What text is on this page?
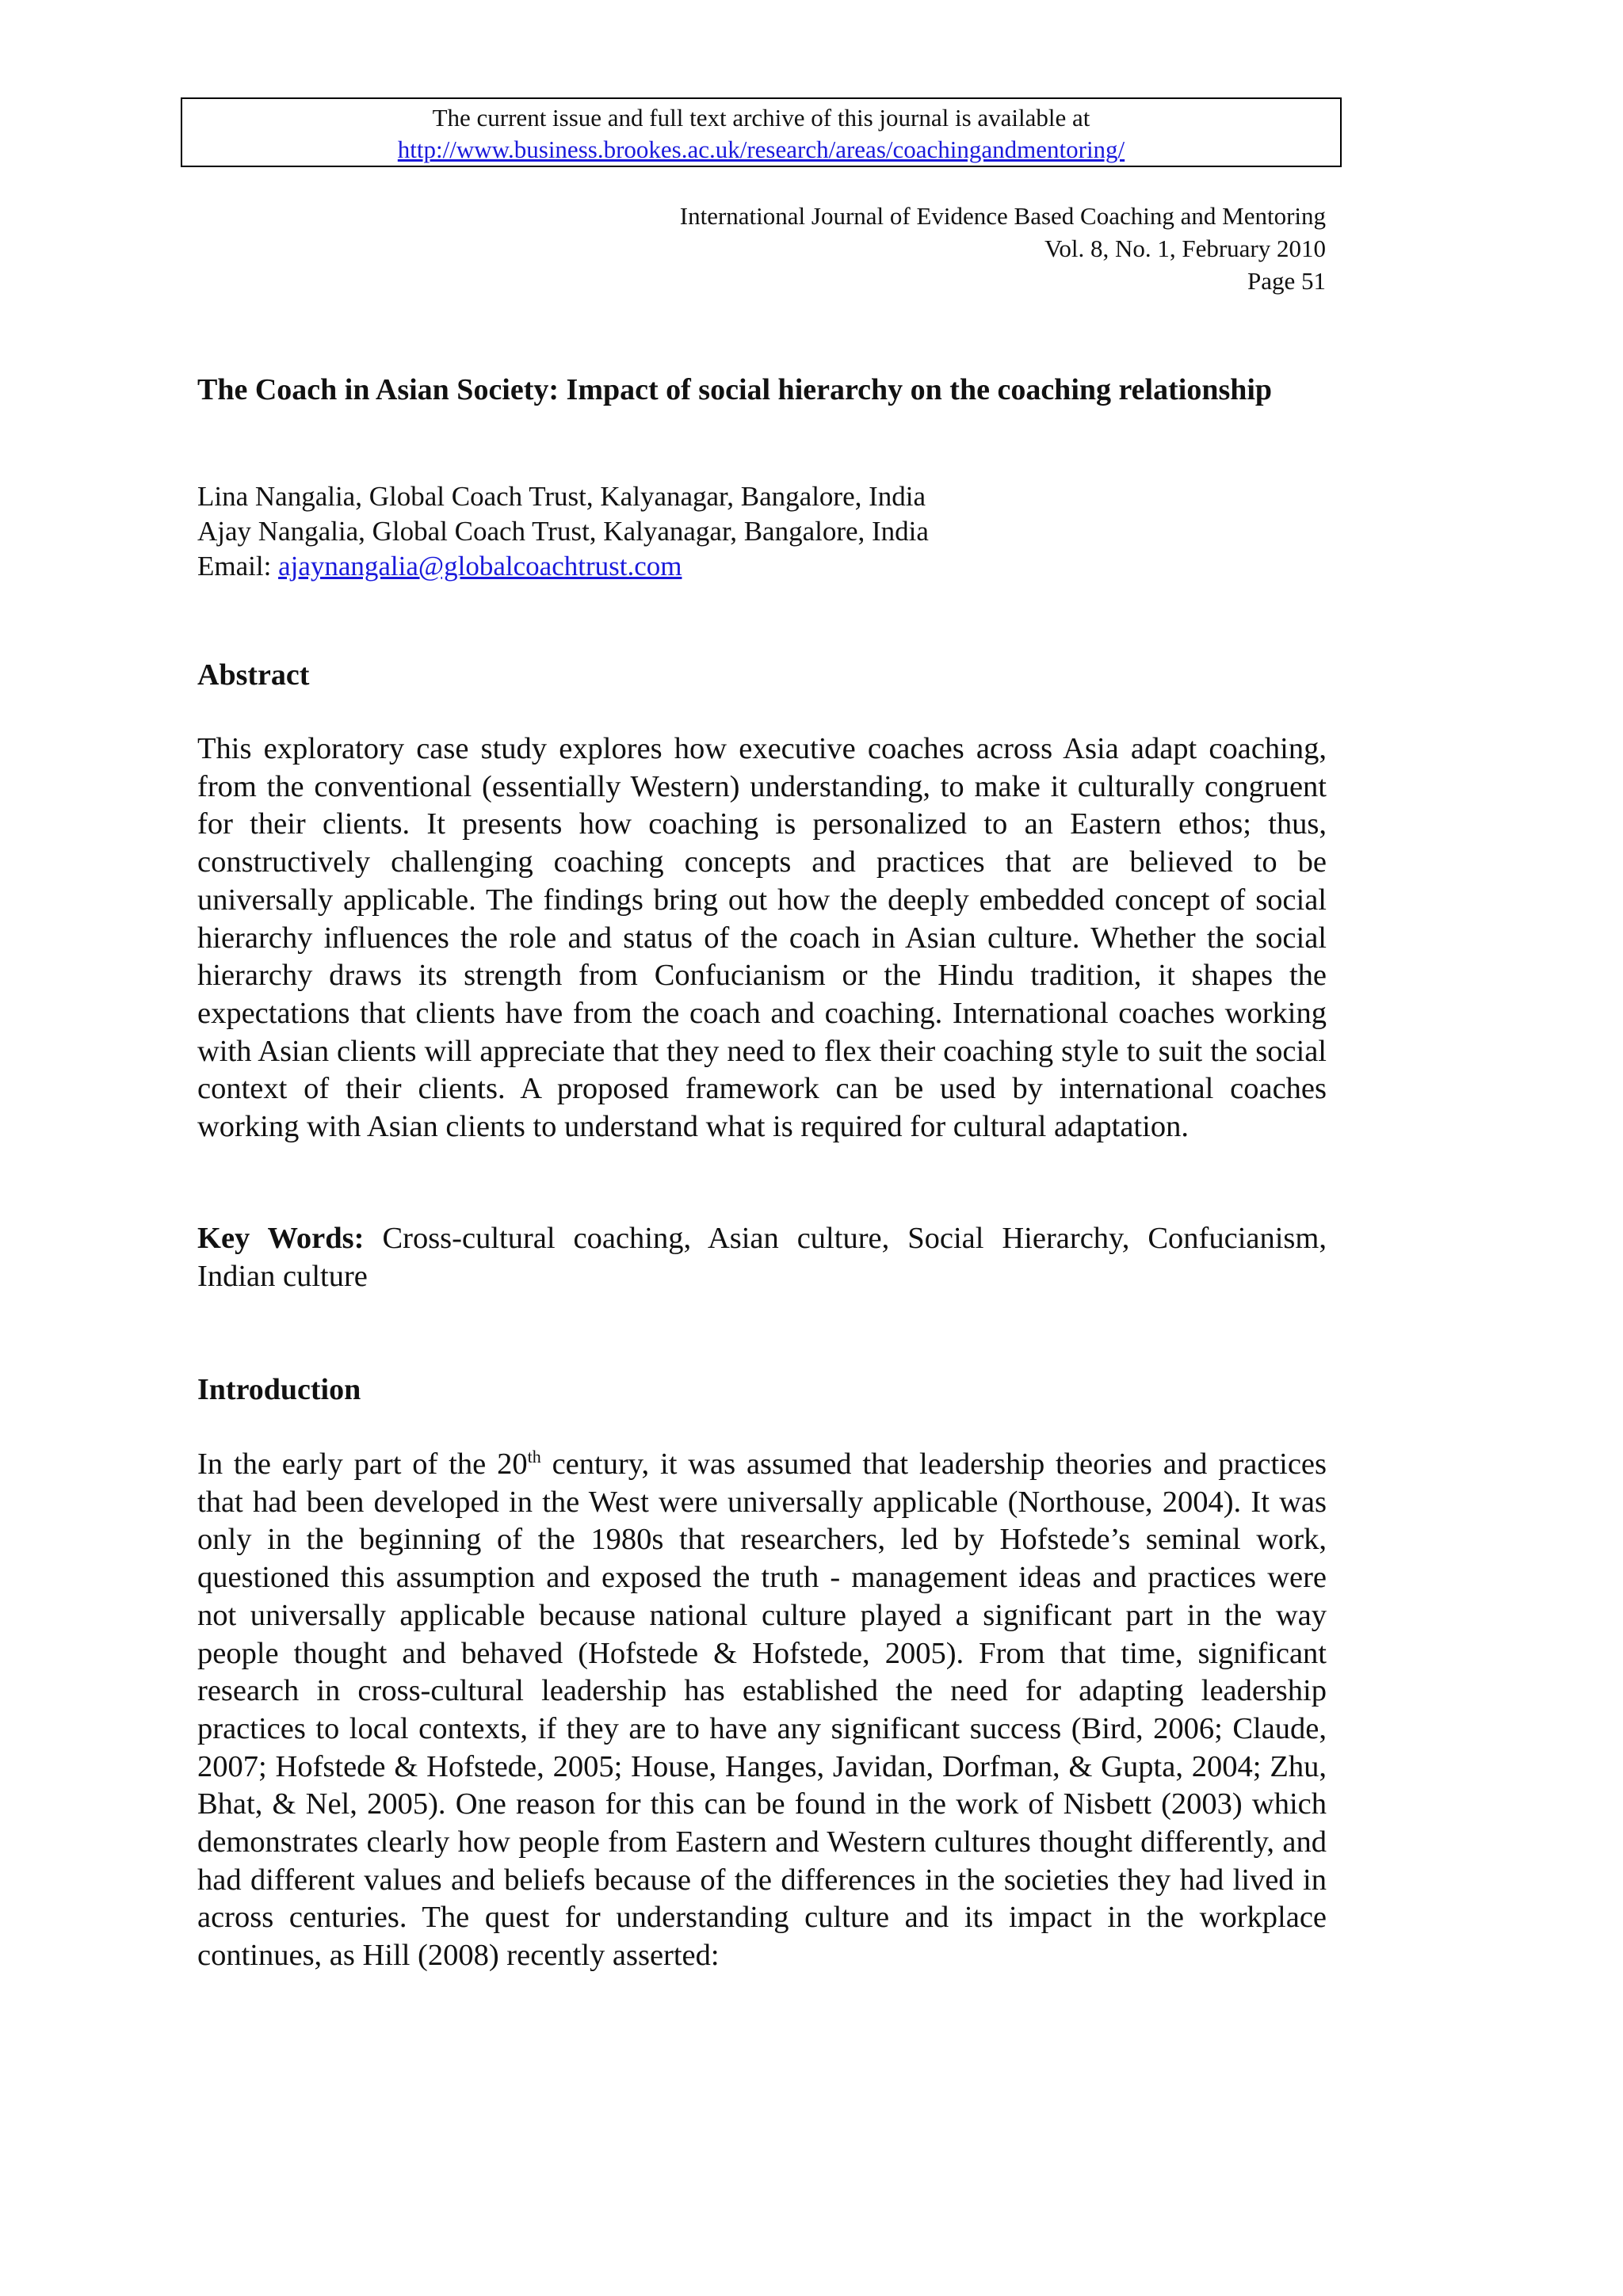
The current issue and full text archive of this journal is available at
http://www.business.brookes.ac.uk/research/areas/coachingandmentoring/
International Journal of Evidence Based Coaching and Mentoring
Vol. 8, No. 1, February 2010
Page 51
The Coach in Asian Society: Impact of social hierarchy on the coaching relationship
Lina Nangalia, Global Coach Trust, Kalyanagar, Bangalore, India
Ajay Nangalia, Global Coach Trust, Kalyanagar, Bangalore, India
Email: ajaynangalia@globalcoachtrust.com
Abstract
This exploratory case study explores how executive coaches across Asia adapt coaching, from the conventional (essentially Western) understanding, to make it culturally congruent for their clients. It presents how coaching is personalized to an Eastern ethos; thus, constructively challenging coaching concepts and practices that are believed to be universally applicable. The findings bring out how the deeply embedded concept of social hierarchy influences the role and status of the coach in Asian culture. Whether the social hierarchy draws its strength from Confucianism or the Hindu tradition, it shapes the expectations that clients have from the coach and coaching. International coaches working with Asian clients will appreciate that they need to flex their coaching style to suit the social context of their clients. A proposed framework can be used by international coaches working with Asian clients to understand what is required for cultural adaptation.
Key Words: Cross-cultural coaching, Asian culture, Social Hierarchy, Confucianism, Indian culture
Introduction
In the early part of the 20th century, it was assumed that leadership theories and practices that had been developed in the West were universally applicable (Northouse, 2004). It was only in the beginning of the 1980s that researchers, led by Hofstede’s seminal work, questioned this assumption and exposed the truth - management ideas and practices were not universally applicable because national culture played a significant part in the way people thought and behaved (Hofstede & Hofstede, 2005). From that time, significant research in cross-cultural leadership has established the need for adapting leadership practices to local contexts, if they are to have any significant success (Bird, 2006; Claude, 2007; Hofstede & Hofstede, 2005; House, Hanges, Javidan, Dorfman, & Gupta, 2004; Zhu, Bhat, & Nel, 2005). One reason for this can be found in the work of Nisbett (2003) which demonstrates clearly how people from Eastern and Western cultures thought differently, and had different values and beliefs because of the differences in the societies they had lived in across centuries. The quest for understanding culture and its impact in the workplace continues, as Hill (2008) recently asserted:
